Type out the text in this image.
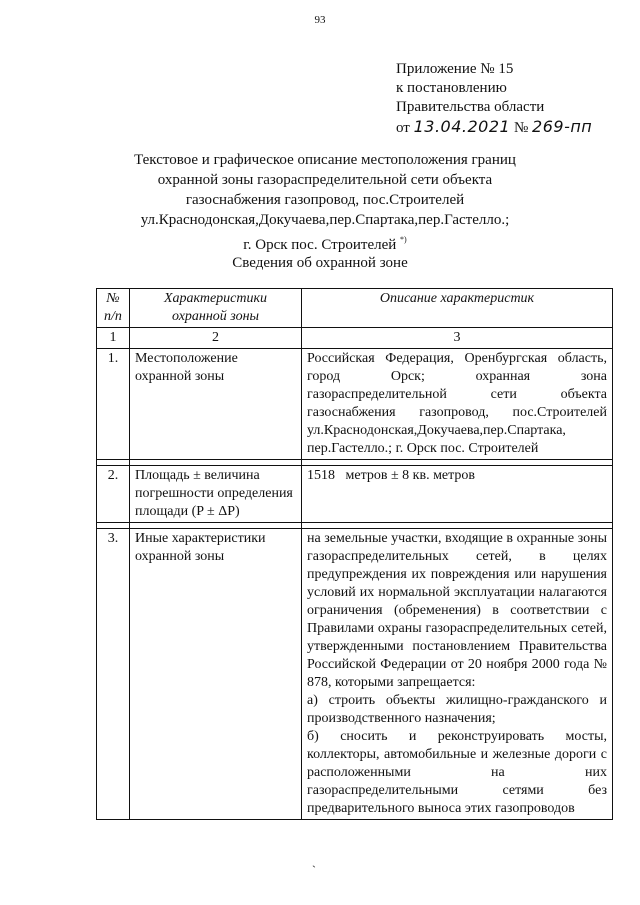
93
Приложение № 15
к постановлению
Правительства области
от 13.04.2021 № 269-пп
Текстовое и графическое описание местоположения границ
охранной зоны газораспределительной сети объекта
газоснабжения газопровод, пос.Строителей
ул.Краснодонская,Докучаева,пер.Спартака,пер.Гастелло.;
г. Орск пос. Строителей *)
Сведения об охранной зоне
№ п/п	Характеристики охранной зоны	Описание характеристик
1	2	3
1.	Местоположение охранной зоны	Российская Федерация, Оренбургская область, город Орск; охранная зона газораспределительной сети объекта газоснабжения газопровод, пос.Строителей ул.Краснодонская,Докучаева,пер.Спартака, пер.Гастелло.; г. Орск пос. Строителей

2.	Площадь ± величина погрешности определения площади (P ± ΔP)	1518   метров ± 8 кв. метров

3.	Иные характеристики охранной зоны	на земельные участки, входящие в охранные зоны газораспределительных сетей, в целях предупреждения их повреждения или нарушения условий их нормальной эксплуатации налагаются ограничения (обременения) в соответствии с Правилами охраны газораспределительных сетей, утвержденными постановлением Правительства Российской Федерации от 20 ноября 2000 года № 878, которыми запрещается:
а) строить объекты жилищно-гражданского и производственного назначения;
б) сносить и реконструировать мосты, коллекторы, автомобильные и железные дороги с расположенными на них газораспределительными сетями без предварительного выноса этих газопроводов
`
